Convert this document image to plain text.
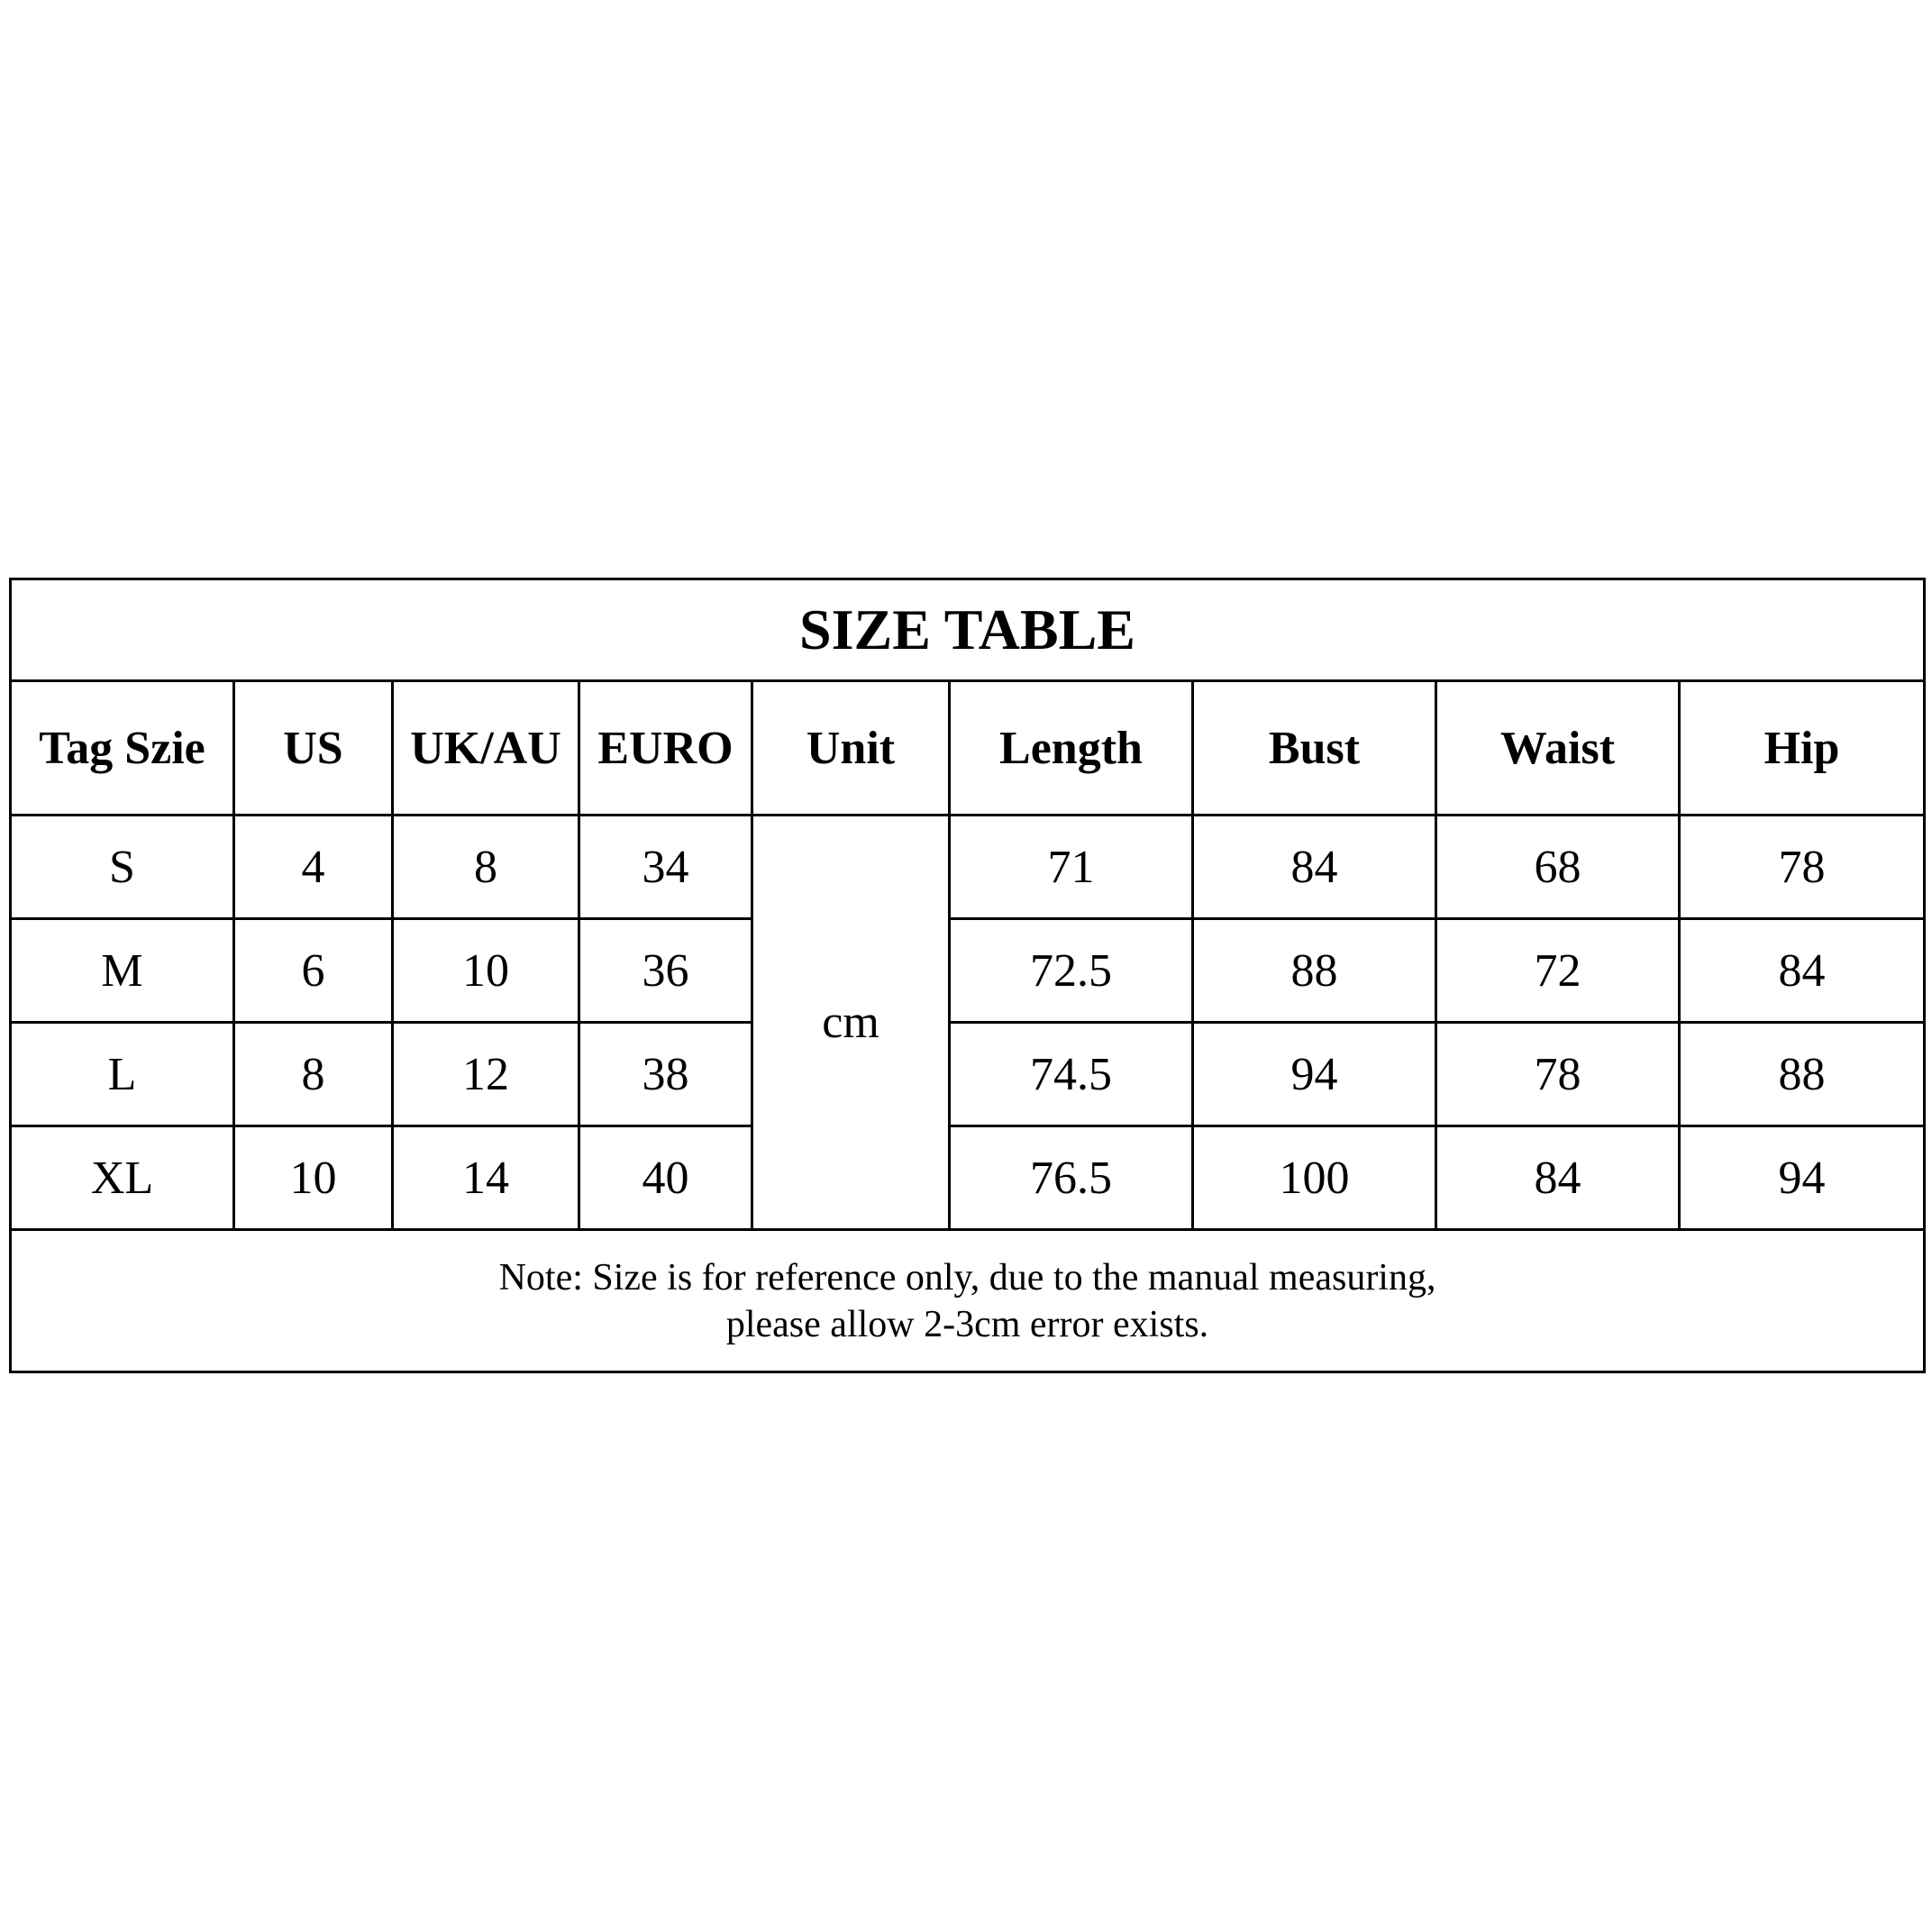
SIZE TABLE								
Tag Szie	US	UK/AU	EURO	Unit	Length	Bust	Waist	Hip
S	4	8	34	cm	71	84	68	78
M	6	10	36		72.5	88	72	84
L	8	12	38		74.5	94	78	88
XL	10	14	40		76.5	100	84	94

Note: Size is for reference only, due to the manual measuring,
please allow 2-3cm error exists.								
